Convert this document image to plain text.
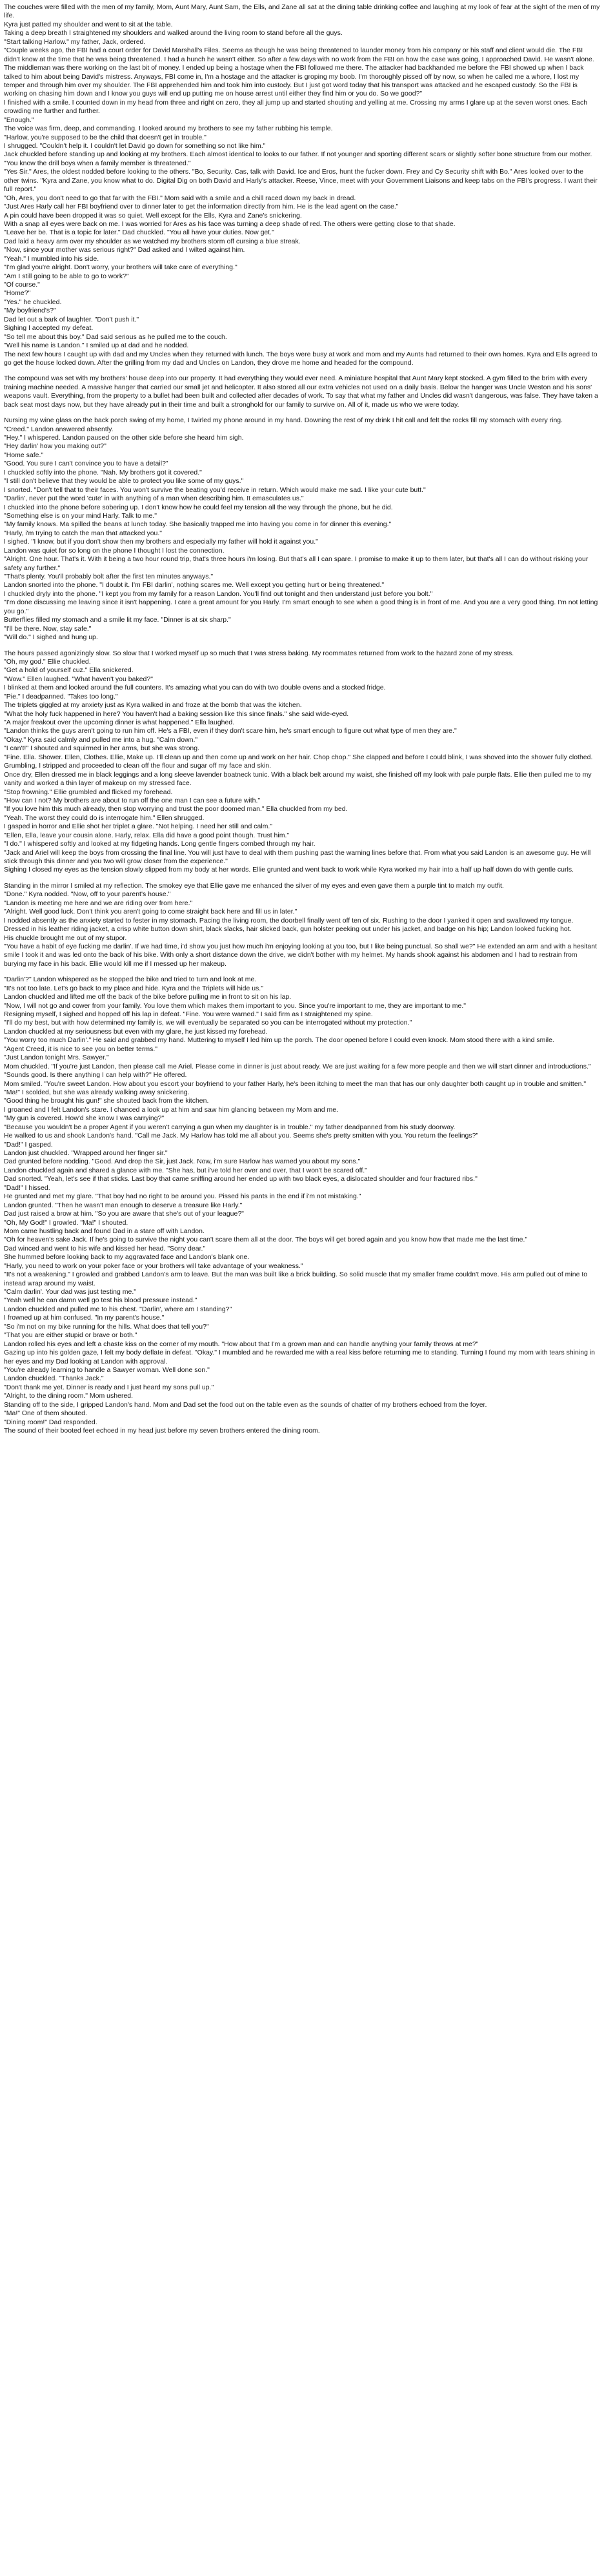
The couches were filled with the men of my family, Mom, Aunt Mary, Aunt Sam, the Ells, and Zane all sat at the dining table drinking coffee and laughing at my look of fear at the sight of the men of my life.

Kyra just patted my shoulder and went to sit at the table.

Taking a deep breath I straightened my shoulders and walked around the living room to stand before all the guys.

"Start talking Harlow." my father, Jack, ordered.

"Couple weeks ago, the FBI had a court order for David Marshall's Files. Seems as though he was being threatened to launder money from his company or his staff and client would die. The FBI didn't know at the time that he was being threatened. I had a hunch he wasn't either. So after a few days with no work from the FBI on how the case was going, I approached David. He wasn't alone. The middleman was there working on the last bit of money. I ended up being a hostage when the FBI followed me there. The attacker had backhanded me before the FBI showed up when I back talked to him about being David's mistress. Anyways, FBI come in, I'm a hostage and the attacker is groping my boob. I'm thoroughly pissed off by now, so when he called me a whore, I lost my temper and through him over my shoulder. The FBI apprehended him and took him into custody. But I just got word today that his transport was attacked and he escaped custody. So the FBI is working on chasing him down and I know you guys will end up putting me on house arrest until either they find him or you do. So we good?"

I finished with a smile. I counted down in my head from three and right on zero, they all jump up and started shouting and yelling at me. Crossing my arms I glare up at the seven worst ones. Each crowding me further and further.

"Enough."

The voice was firm, deep, and commanding. I looked around my brothers to see my father rubbing his temple.

"Harlow, you're supposed to be the child that doesn't get in trouble."

I shrugged. "Couldn't help it. I couldn't let David go down for something so not like him."

Jack chuckled before standing up and looking at my brothers. Each almost identical to looks to our father. If not younger and sporting different scars or slightly softer bone structure from our mother.

"You know the drill boys when a family member is threatened."

"Yes Sir." Ares, the oldest nodded before looking to the others. "Bo, Security. Cas, talk with David. Ice and Eros, hunt the fucker down. Frey and Cy Security shift with Bo." Ares looked over to the other twins. "Kyra and Zane, you know what to do. Digital Dig on both David and Harly's attacker. Reese, Vince, meet with your Government Liaisons and keep tabs on the FBI's progress. I want their full report."

"Oh, Ares, you don't need to go that far with the FBI." Mom said with a smile and a chill raced down my back in dread.

"Just Ares Harly call her FBI boyfriend over to dinner later to get the information directly from him. He is the lead agent on the case."

A pin could have been dropped it was so quiet. Well except for the Ells, Kyra and Zane's snickering.

With a snap all eyes were back on me. I was worried for Ares as his face was turning a deep shade of red. The others were getting close to that shade.

"Leave her be. That is a topic for later." Dad chuckled. "You all have your duties. Now get."

Dad laid a heavy arm over my shoulder as we watched my brothers storm off cursing a blue streak.

"Now, since your mother was serious right?" Dad asked and I wilted against him.

"Yeah." I mumbled into his side.

"I'm glad you're alright. Don't worry, your brothers will take care of everything."

"Am I still going to be able to go to work?"

"Of course."

"Home?"

"Yes." he chuckled.

"My boyfriend's?"

Dad let out a bark of laughter. "Don't push it."

Sighing I accepted my defeat.

"So tell me about this boy." Dad said serious as he pulled me to the couch.

"Well his name is Landon." I smiled up at dad and he nodded.

The next few hours I caught up with dad and my Uncles when they returned with lunch. The boys were busy at work and mom and my Aunts had returned to their own homes. Kyra and Ells agreed to go get the house locked down. After the grilling from my dad and Uncles on Landon, they drove me home and headed for the compound.

The compound was set with my brothers' house deep into our property. It had everything they would ever need. A miniature hospital that Aunt Mary kept stocked. A gym filled to the brim with every training machine needed. A massive hanger that carried our small jet and helicopter. It also stored all our extra vehicles not used on a daily basis. Below the hanger was Uncle Weston and his sons' weapons vault. Everything, from the property to a bullet had been built and collected after decades of work. To say that what my father and Uncles did wasn't dangerous, was false. They have taken a back seat most days now, but they have already put in their time and built a stronghold for our family to survive on. All of it, made us who we were today.

Nursing my wine glass on the back porch swing of my home, I twirled my phone around in my hand. Downing the rest of my drink I hit call and felt the rocks fill my stomach with every ring.

"Creed." Landon answered absently.

"Hey." I whispered. Landon paused on the other side before she heard him sigh.

"Hey darlin' how you making out?"

"Home safe."

"Good. You sure I can't convince you to have a detail?"

I chuckled softly into the phone. "Nah. My brothers got it covered."

"I still don't believe that they would be able to protect you like some of my guys."

I snorted. "Don't tell that to their faces. You won't survive the beating you'd receive in return. Which would make me sad. I like your cute butt."

"Darlin', never put the word 'cute' in with anything of a man when describing him. It emasculates us."

I chuckled into the phone before sobering up. I don't know how he could feel my tension all the way through the phone, but he did.

"Something else is on your mind Harly. Talk to me."

"My family knows. Ma spilled the beans at lunch today. She basically trapped me into having you come in for dinner this evening."

"Harly, i'm trying to catch the man that attacked you."

I sighed. "I know, but if you don't show then my brothers and especially my father will hold it against you."

Landon was quiet for so long on the phone I thought I lost the connection.

"Alright. One hour. That's it. With it being a two hour round trip, that's three hours i'm losing. But that's all I can spare. I promise to make it up to them later, but that's all I can do without risking your safety any further."

"That's plenty. You'll probably bolt after the first ten minutes anyways."

Landon snorted into the phone. "I doubt it. I'm FBI darlin', nothing scares me. Well except you getting hurt or being threatened."

I chuckled dryly into the phone. "I kept you from my family for a reason Landon. You'll find out tonight and then understand just before you bolt."

"I'm done discussing me leaving since it isn't happening. I care a great amount for you Harly. I'm smart enough to see when a good thing is in front of me. And you are a very good thing. I'm not letting you go."

Butterflies filled my stomach and a smile lit my face. "Dinner is at six sharp."

"I'll be there. Now, stay safe."

"Will do." I sighed and hung up.

The hours passed agonizingly slow. So slow that I worked myself up so much that I was stress baking. My roommates returned from work to the hazard zone of my stress.

"Oh, my god." Ellie chuckled.

"Get a hold of yourself cuz." Ella snickered.

"Wow." Ellen laughed. "What haven't you baked?"

I blinked at them and looked around the full counters. It's amazing what you can do with two double ovens and a stocked fridge.

"Pie." I deadpanned. "Takes too long."

The triplets giggled at my anxiety just as Kyra walked in and froze at the bomb that was the kitchen.

"What the holy fuck happened in here? You haven't had a baking session like this since finals." she said wide-eyed.

"A major freakout over the upcoming dinner is what happened." Ella laughed.

"Landon thinks the guys aren't going to run him off. He's a FBI, even if they don't scare him, he's smart enough to figure out what type of men they are."

"Okay." Kyra said calmly and pulled me into a hug. "Calm down."

"I can't!" I shouted and squirmed in her arms, but she was strong.

"Fine. Ella. Shower. Ellen, Clothes. Ellie, Make up. I'll clean up and then come up and work on her hair. Chop chop." She clapped and before I could blink, I was shoved into the shower fully clothed. Grumbling, I stripped and proceeded to clean off the flour and sugar off my face and skin.

Once dry, Ellen dressed me in black leggings and a long sleeve lavender boatneck tunic. With a black belt around my waist, she finished off my look with pale purple flats. Ellie then pulled me to my vanity and worked a thin layer of makeup on my stressed face.

"Stop frowning." Ellie grumbled and flicked my forehead.

"How can I not? My brothers are about to run off the one man I can see a future with."

"If you love him this much already, then stop worrying and trust the poor doomed man." Ella chuckled from my bed.

"Yeah. The worst they could do is interrogate him." Ellen shrugged.

I gasped in horror and Ellie shot her triplet a glare. "Not helping. I need her still and calm."

"Ellen, Ella, leave your cousin alone. Harly, relax. Ella did have a good point though. Trust him."

"I do." I whispered softly and looked at my fidgeting hands. Long gentle fingers combed through my hair.

"Jack and Ariel will keep the boys from crossing the final line. You will just have to deal with them pushing past the warning lines before that. From what you said Landon is an awesome guy. He will stick through this dinner and you two will grow closer from the experience."

Sighing I closed my eyes as the tension slowly slipped from my body at her words. Ellie grunted and went back to work while Kyra worked my hair into a half up half down do with gentle curls.

Standing in the mirror I smiled at my reflection. The smokey eye that Ellie gave me enhanced the silver of my eyes and even gave them a purple tint to match my outfit.

"Done." Kyra nodded. "Now, off to your parent's house."

"Landon is meeting me here and we are riding over from here."

"Alright. Well good luck. Don't think you aren't going to come straight back here and fill us in later."

I nodded absently as the anxiety started to fester in my stomach. Pacing the living room, the doorbell finally went off ten of six. Rushing to the door I yanked it open and swallowed my tongue.

Dressed in his leather riding jacket, a crisp white button down shirt, black slacks, hair slicked back, gun holster peeking out under his jacket, and badge on his hip; Landon looked fucking hot.

His chuckle brought me out of my stupor.

"You have a habit of eye fucking me darlin'. If we had time, i'd show you just how much i'm enjoying looking at you too, but I like being punctual. So shall we?" He extended an arm and with a hesitant smile I took it and was led onto the back of his bike. With only a short distance down the drive, we didn't bother with my helmet. My hands shook against his abdomen and I had to restrain from burying my face in his back. Ellie would kill me if I messed up her makeup.

"Darlin'?" Landon whispered as he stopped the bike and tried to turn and look at me.

"It's not too late. Let's go back to my place and hide. Kyra and the Triplets will hide us."

Landon chuckled and lifted me off the back of the bike before pulling me in front to sit on his lap.

"Now, I will not go and cower from your family. You love them which makes them important to you. Since you're important to me, they are important to me."

Resigning myself, I sighed and hopped off his lap in defeat. "Fine. You were warned." I said firm as I straightened my spine.

"I'll do my best, but with how determined my family is, we will eventually be separated so you can be interrogated without my protection."

Landon chuckled at my seriousness but even with my glare, he just kissed my forehead.

"You worry too much Darlin'." He said and grabbed my hand. Muttering to myself I led him up the porch. The door opened before I could even knock. Mom stood there with a kind smile.

"Agent Creed, it is nice to see you on better terms."

"Just Landon tonight Mrs. Sawyer."

Mom chuckled. "If you're just Landon, then please call me Ariel. Please come in dinner is just about ready. We are just waiting for a few more people and then we will start dinner and introductions."

"Sounds good. Is there anything I can help with?" He offered.

Mom smiled. "You're sweet Landon. How about you escort your boyfriend to your father Harly, he's been itching to meet the man that has our only daughter both caught up in trouble and smitten."

"Ma!" I scolded, but she was already walking away snickering.

"Good thing he brought his gun!" she shouted back from the kitchen.

I groaned and I felt Landon's stare. I chanced a look up at him and saw him glancing between my Mom and me.

"My gun is covered. How'd she know I was carrying?"

"Because you wouldn't be a proper Agent if you weren't carrying a gun when my daughter is in trouble." my father deadpanned from his study doorway.

He walked to us and shook Landon's hand. "Call me Jack. My Harlow has told me all about you. Seems she's pretty smitten with you. You return the feelings?"

"Dad!" I gasped.

Landon just chuckled. "Wrapped around her finger sir."

Dad grunted before nodding. "Good. And drop the Sir, just Jack. Now, i'm sure Harlow has warned you about my sons."

Landon chuckled again and shared a glance with me. "She has, but i've told her over and over, that I won't be scared off."

Dad snorted. "Yeah, let's see if that sticks. Last boy that came sniffing around her ended up with two black eyes, a dislocated shoulder and four fractured ribs."

"Dad!" I hissed.

He grunted and met my glare. "That boy had no right to be around you. Pissed his pants in the end if i'm not mistaking."

Landon grunted. "Then he wasn't man enough to deserve a treasure like Harly."

Dad just raised a brow at him. "So you are aware that she's out of your league?"

"Oh, My God!" I growled. "Ma!" I shouted.

Mom came hustling back and found Dad in a stare off with Landon.

"Oh for heaven's sake Jack. If he's going to survive the night you can't scare them all at the door. The boys will get bored again and you know how that made me the last time."

Dad winced and went to his wife and kissed her head. "Sorry dear."

She hummed before looking back to my aggravated face and Landon's blank one.

"Harly, you need to work on your poker face or your brothers will take advantage of your weakness."

"It's not a weakening." I growled and grabbed Landon's arm to leave. But the man was built like a brick building. So solid muscle that my smaller frame couldn't move. His arm pulled out of mine to instead wrap around my waist.

"Calm darlin'. Your dad was just testing me."

"Yeah well he can damn well go test his blood pressure instead."

Landon chuckled and pulled me to his chest. "Darlin', where am I standing?"

I frowned up at him confused. "In my parent's house."

"So i'm not on my bike running for the hills. What does that tell you?"

"That you are either stupid or brave or both."

Landon rolled his eyes and left a chaste kiss on the corner of my mouth. "How about that I'm a grown man and can handle anything your family throws at me?"

Gazing up into his golden gaze, I felt my body deflate in defeat. "Okay." I mumbled and he rewarded me with a real kiss before returning me to standing. Turning I found my mom with tears shining in her eyes and my Dad looking at Landon with approval.

"You're already learning to handle a Sawyer woman. Well done son."

Landon chuckled. "Thanks Jack."

"Don't thank me yet. Dinner is ready and I just heard my sons pull up."

"Alright, to the dining room." Mom ushered.

Standing off to the side, I gripped Landon's hand. Mom and Dad set the food out on the table even as the sounds of chatter of my brothers echoed from the foyer.

"Ma!" One of them shouted.

"Dining room!" Dad responded.

The sound of their booted feet echoed in my head just before my seven brothers entered the dining room.
